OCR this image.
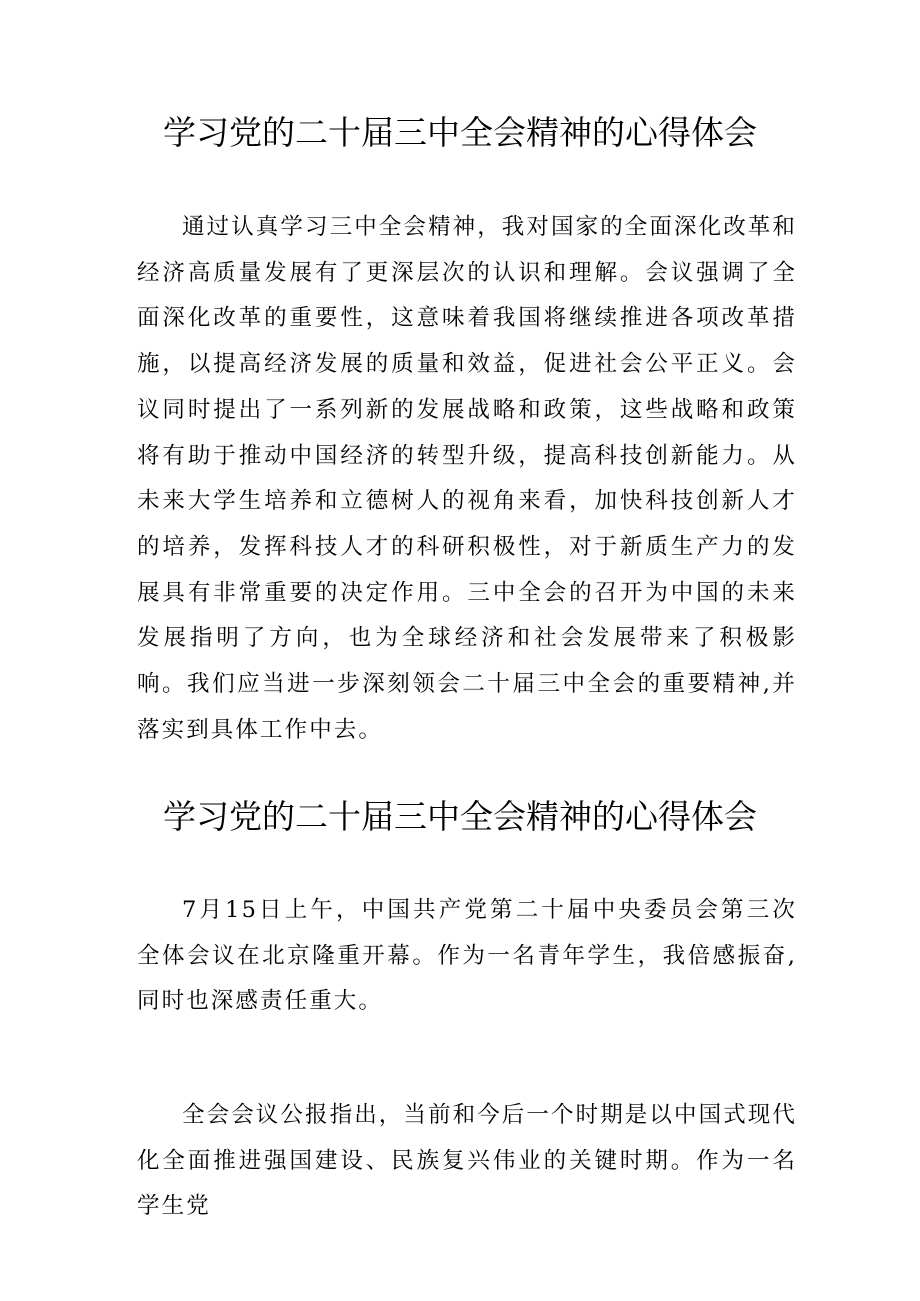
学习党的二十届三中全会精神的心得体会

通过认真学习三中全会精神，我对国家的全面深化改革和经济高质量发展有了更深层次的认识和理解。会议强调了全面深化改革的重要性，这意味着我国将继续推进各项改革措施，以提高经济发展的质量和效益，促进社会公平正义。会议同时提出了一系列新的发展战略和政策，这些战略和政策将有助于推动中国经济的转型升级，提高科技创新能力。从未来大学生培养和立德树人的视角来看，加快科技创新人才的培养，发挥科技人才的科研积极性，对于新质生产力的发展具有非常重要的决定作用。三中全会的召开为中国的未来发展指明了方向，也为全球经济和社会发展带来了积极影响。我们应当进一步深刻领会二十届三中全会的重要精神,并落实到具体工作中去。

学习党的二十届三中全会精神的心得体会

7月15日上午，中国共产党第二十届中央委员会第三次全体会议在北京隆重开幕。作为一名青年学生，我倍感振奋,同时也深感责任重大。

全会会议公报指出，当前和今后一个时期是以中国式现代化全面推进强国建设、民族复兴伟业的关键时期。作为一名学生党
